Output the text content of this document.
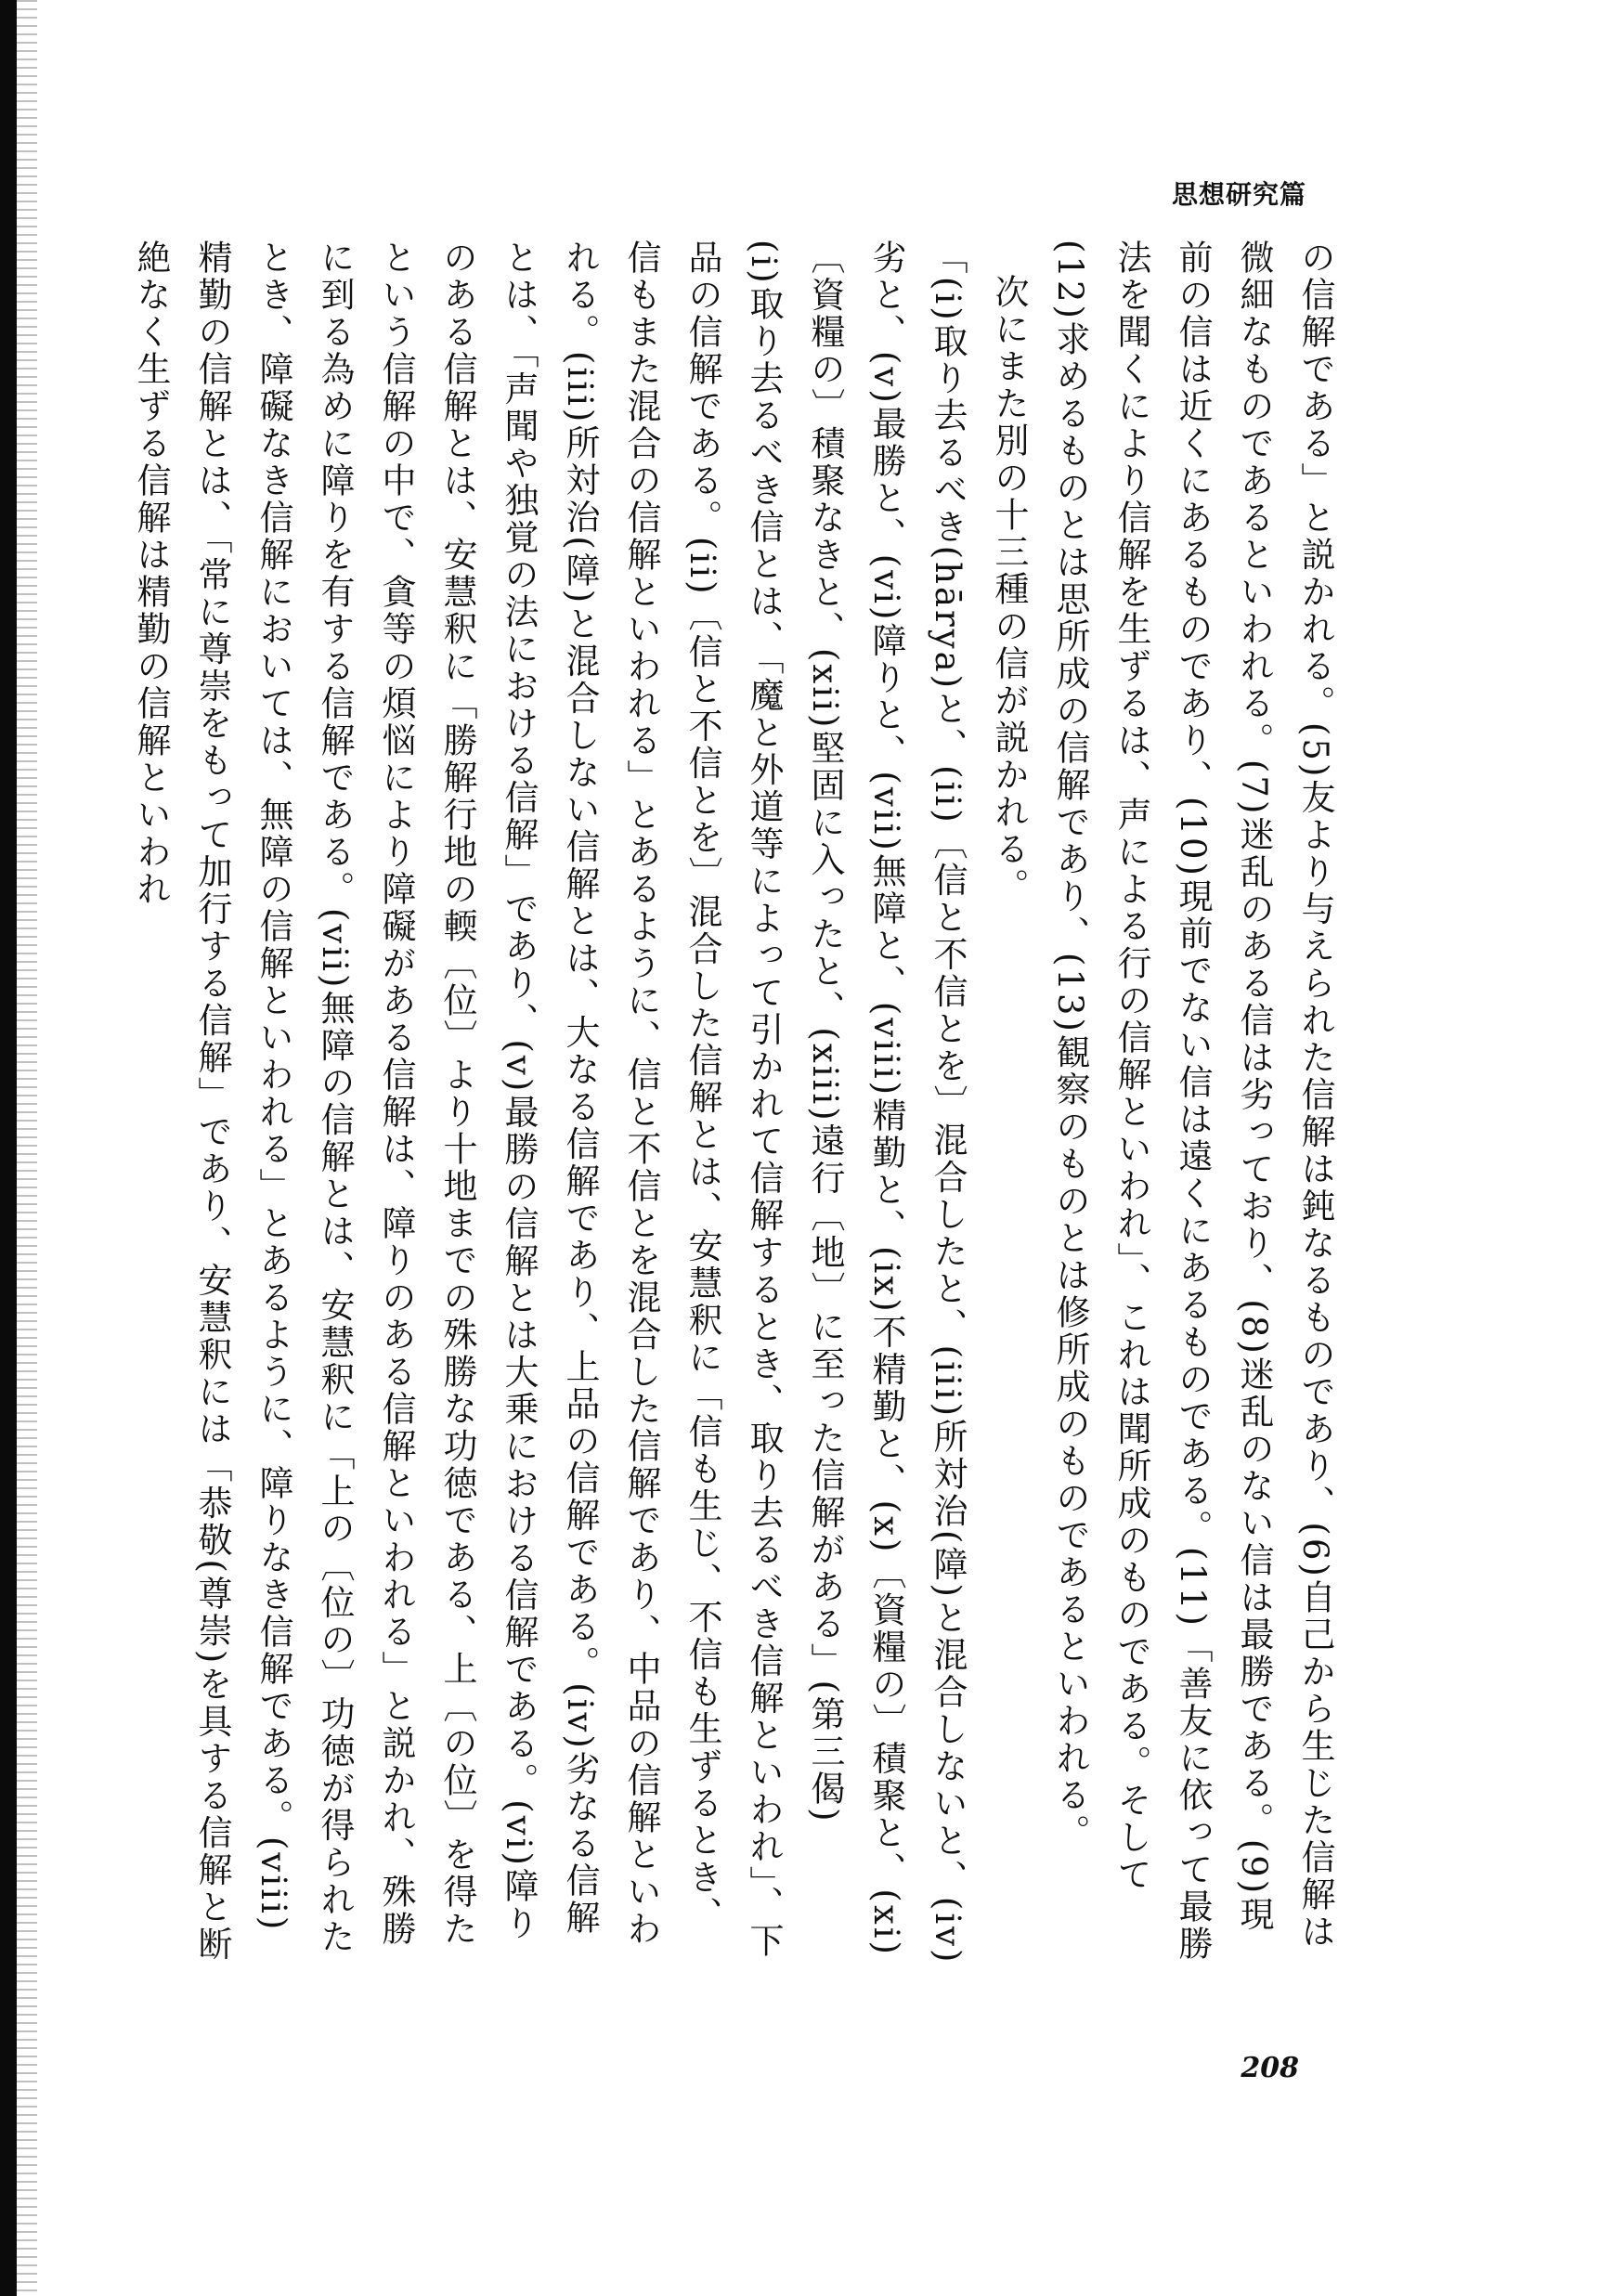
思想研究篇

の信解である」と説かれる。(5)友より与えられた信解は鈍なるものであり、(6)自己から生じた信解は微細なものであるといわれる。(7)迷乱のある信は劣っており、(8)迷乱のない信は最勝である。(9)現前の信は近くにあるものであり、(10)現前でない信は遠くにあるものである。(11)「善友に依って最勝法を聞くにより信解を生ずるは、声による行の信解といわれ」、これは聞所成のものである。そして(12)求めるものとは思所成の信解であり、(13)観察のものとは修所成のものであるといわれる。

次にまた別の十三種の信が説かれる。

「(i)取り去るべき(hārya)と、(ii)〔信と不信とを〕混合したと、(iii)所対治(障)と混合しないと、(iv)劣と、(v)最勝と、(vi)障りと、(vii)無障と、(viii)精勤と、(ix)不精勤と、(x)〔資糧の〕積聚と、(xi)〔資糧の〕積聚なきと、(xii)堅固に入ったと、(xiii)遠行〔地〕に至った信解がある」(第三偈)

(i)取り去るべき信とは、「魔と外道等によって引かれて信解するとき、取り去るべき信解といわれ」、下品の信解である。(ii)〔信と不信とを〕混合した信解とは、安慧釈に「信も生じ、不信も生ずるとき、信もまた混合の信解といわれる」とあるように、信と不信とを混合した信解であり、中品の信解といわれる。(iii)所対治(障)と混合しない信解とは、大なる信解であり、上品の信解である。(iv)劣なる信解とは、「声聞や独覚の法における信解」であり、(v)最勝の信解とは大乗における信解である。(vi)障りのある信解とは、安慧釈に「勝解行地の輭〔位〕より十地までの殊勝な功徳である、上〔の位〕を得たという信解の中で、貪等の煩悩により障礙がある信解は、障りのある信解といわれる」と説かれ、殊勝に到る為めに障りを有する信解である。(vii)無障の信解とは、安慧釈に「上の〔位の〕功徳が得られたとき、障礙なき信解においては、無障の信解といわれる」とあるように、障りなき信解である。(viii)精勤の信解とは、「常に尊崇をもって加行する信解」であり、安慧釈には「恭敬(尊崇)を具する信解と断絶なく生ずる信解は精勤の信解といわれ

208
